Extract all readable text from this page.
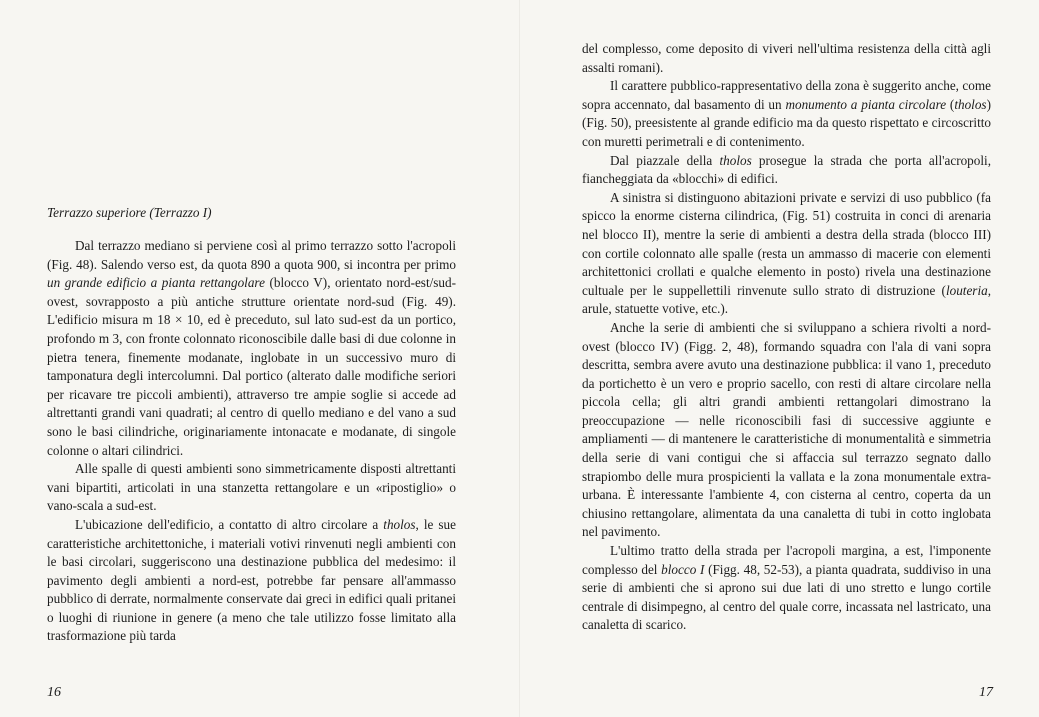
Terrazzo superiore (Terrazzo I)

Dal terrazzo mediano si perviene così al primo terrazzo sotto l'acropoli (Fig. 48). Salendo verso est, da quota 890 a quota 900, si incontra per primo un grande edificio a pianta rettangolare (blocco V), orientato nord-est/sud-ovest, sovrapposto a più antiche strutture orientate nord-sud (Fig. 49). L'edificio misura m 18 × 10, ed è preceduto, sul lato sud-est da un portico, profondo m 3, con fronte colonnato riconoscibile dalle basi di due colonne in pietra tenera, finemente modanate, inglobate in un successivo muro di tamponatura degli intercolumni. Dal portico (alterato dalle modifiche seriori per ricavare tre piccoli ambienti), attraverso tre ampie soglie si accede ad altrettanti grandi vani quadrati; al centro di quello mediano e del vano a sud sono le basi cilindriche, originariamente intonacate e modanate, di singole colonne o altari cilindrici.

Alle spalle di questi ambienti sono simmetricamente disposti altrettanti vani bipartiti, articolati in una stanzetta rettangolare e un «ripostiglio» o vano-scala a sud-est.

L'ubicazione dell'edificio, a contatto di altro circolare a tholos, le sue caratteristiche architettoniche, i materiali votivi rinvenuti negli ambienti con le basi circolari, suggeriscono una destinazione pubblica del medesimo: il pavimento degli ambienti a nord-est, potrebbe far pensare all'ammasso pubblico di derrate, normalmente conservate dai greci in edifici quali pritanei o luoghi di riunione in genere (a meno che tale utilizzo fosse limitato alla trasformazione più tarda

del complesso, come deposito di viveri nell'ultima resistenza della città agli assalti romani).

Il carattere pubblico-rappresentativo della zona è suggerito anche, come sopra accennato, dal basamento di un monumento a pianta circolare (tholos) (Fig. 50), preesistente al grande edificio ma da questo rispettato e circoscritto con muretti perimetrali e di contenimento.

Dal piazzale della tholos prosegue la strada che porta all'acropoli, fiancheggiata da «blocchi» di edifici.

A sinistra si distinguono abitazioni private e servizi di uso pubblico (fa spicco la enorme cisterna cilindrica, (Fig. 51) costruita in conci di arenaria nel blocco II), mentre la serie di ambienti a destra della strada (blocco III) con cortile colonnato alle spalle (resta un ammasso di macerie con elementi architettonici crollati e qualche elemento in posto) rivela una destinazione cultuale per le suppellettili rinvenute sullo strato di distruzione (louteria, arule, statuette votive, etc.).

Anche la serie di ambienti che si sviluppano a schiera rivolti a nord-ovest (blocco IV) (Figg. 2, 48), formando squadra con l'ala di vani sopra descritta, sembra avere avuto una destinazione pubblica: il vano 1, preceduto da portichetto è un vero e proprio sacello, con resti di altare circolare nella piccola cella; gli altri grandi ambienti rettangolari dimostrano la preoccupazione — nelle riconoscibili fasi di successive aggiunte e ampliamenti — di mantenere le caratteristiche di monumentalità e simmetria della serie di vani contigui che si affaccia sul terrazzo segnato dallo strapiombo delle mura prospicienti la vallata e la zona monumentale extra-urbana. È interessante l'ambiente 4, con cisterna al centro, coperta da un chiusino rettangolare, alimentata da una canaletta di tubi in cotto inglobata nel pavimento.

L'ultimo tratto della strada per l'acropoli margina, a est, l'imponente complesso del blocco I (Figg. 48, 52-53), a pianta quadrata, suddiviso in una serie di ambienti che si aprono sui due lati di uno stretto e lungo cortile centrale di disimpegno, al centro del quale corre, incassata nel lastricato, una canaletta di scarico.

16	17
